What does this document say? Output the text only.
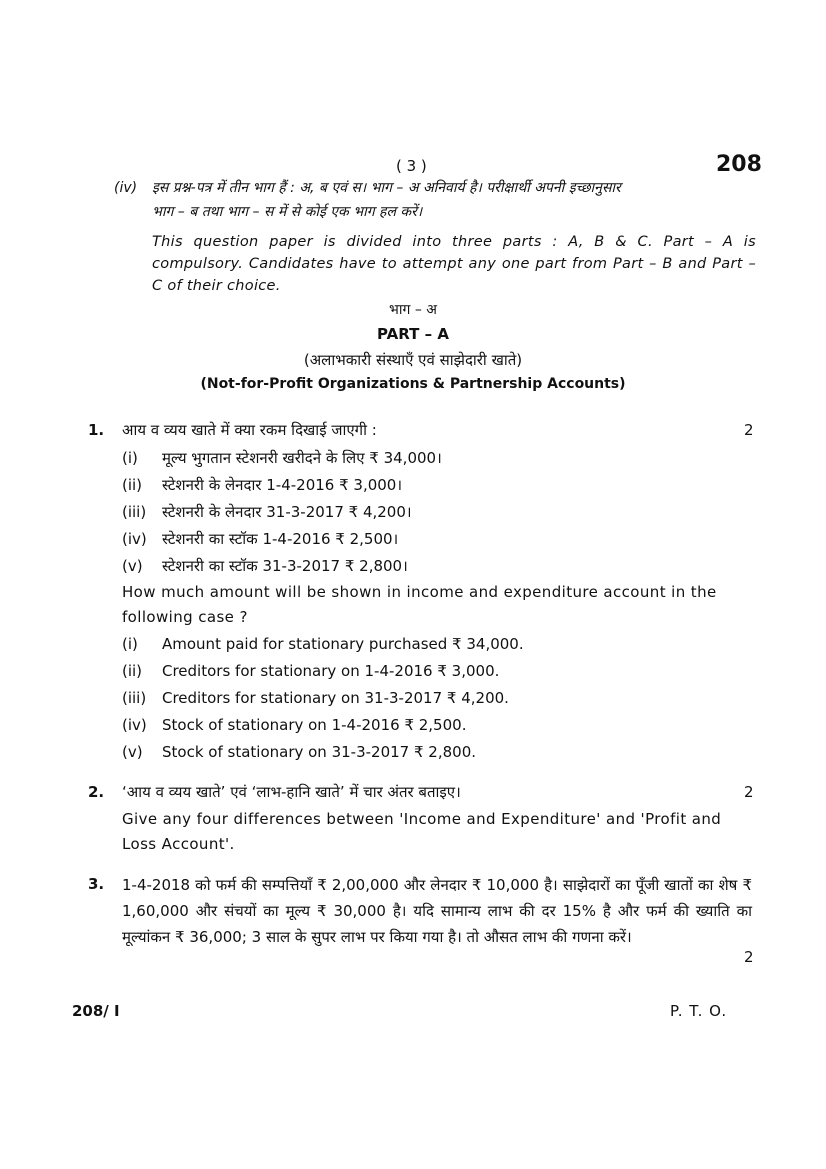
( 3 )	208
(iv)	इस प्रश्न-पत्र में तीन भाग हैं : अ, ब एवं स। भाग – अ अनिवार्य है। परीक्षार्थी अपनी इच्छानुसार
भाग – ब तथा भाग – स में से कोई एक भाग हल करें।
This question paper is divided into three parts : A, B & C. Part – A is compulsory. Candidates have to attempt any one part from Part – B and Part – C of their choice.
भाग – अ
PART – A
(अलाभकारी संस्थाएँ एवं साझेदारी खाते)
(Not-for-Profit Organizations & Partnership Accounts)
1. आय व व्यय खाते में क्या रकम दिखाई जाएगी :	2
(i) मूल्य भुगतान स्टेशनरी खरीदने के लिए ₹ 34,000।
(ii) स्टेशनरी के लेनदार 1-4-2016 ₹ 3,000।
(iii) स्टेशनरी के लेनदार 31-3-2017 ₹ 4,200।
(iv) स्टेशनरी का स्टॉक 1-4-2016 ₹ 2,500।
(v) स्टेशनरी का स्टॉक 31-3-2017 ₹ 2,800।
How much amount will be shown in income and expenditure account in the following case ?
(i) Amount paid for stationary purchased ₹ 34,000.
(ii) Creditors for stationary on 1-4-2016 ₹ 3,000.
(iii) Creditors for stationary on 31-3-2017 ₹ 4,200.
(iv) Stock of stationary on 1-4-2016 ₹ 2,500.
(v) Stock of stationary on 31-3-2017 ₹ 2,800.
2. ‘आय व व्यय खाते’ एवं ‘लाभ-हानि खाते’ में चार अंतर बताइए।	2
Give any four differences between 'Income and Expenditure' and 'Profit and Loss Account'.
3. 1-4-2018 को फर्म की सम्पत्तियाँ ₹ 2,00,000 और लेनदार ₹ 10,000 है। साझेदारों का पूँजी खातों का शेष ₹ 1,60,000 और संचयों का मूल्य ₹ 30,000 है। यदि सामान्य लाभ की दर 15% है और फर्म की ख्याति का मूल्यांकन ₹ 36,000; 3 साल के सुपर लाभ पर किया गया है। तो औसत लाभ की गणना करें।
2
208/ I	P. T. O.
